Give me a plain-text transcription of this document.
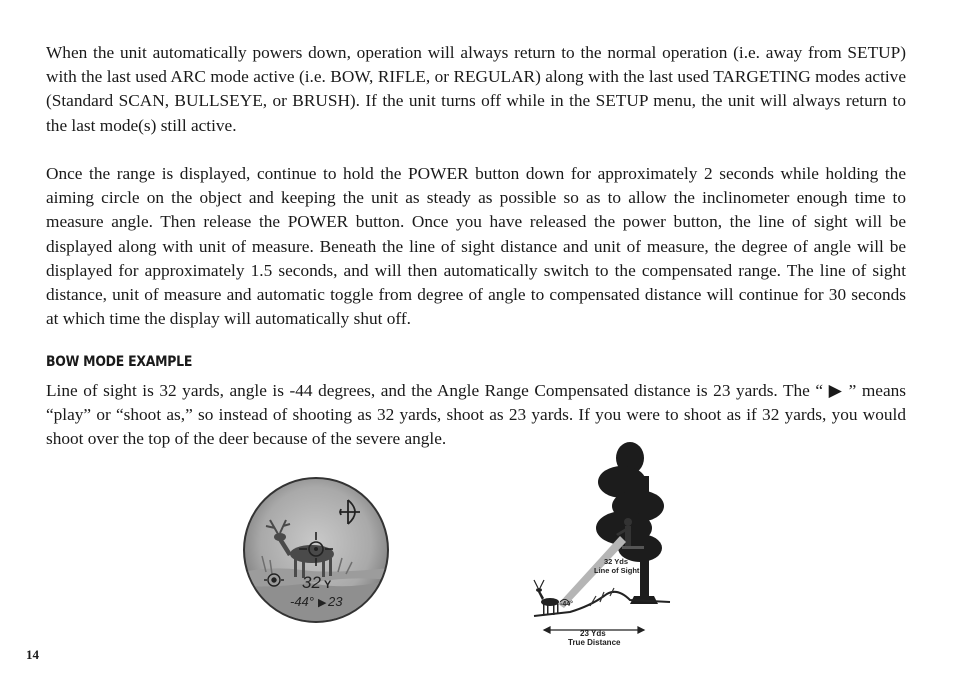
When the unit automatically powers down, operation will always return to the normal operation (i.e. away from SETUP) with the last used ARC mode active (i.e. BOW, RIFLE, or REGULAR) along with the last used TARGETING modes active (Standard SCAN, BULLSEYE, or BRUSH). If the unit turns off while in the SETUP menu, the unit will always return to the last mode(s) still active.

Once the range is displayed, continue to hold the POWER button down for approximately 2 seconds while holding the aiming circle on the object and keeping the unit as steady as possible so as to allow the inclinometer enough time to measure angle. Then release the POWER button. Once you have released the power button, the line of sight will be displayed along with unit of measure. Beneath the line of sight distance and unit of measure, the degree of angle will be displayed for approximately 1.5 seconds, and will then automatically switch to the compensated range. The line of sight distance, unit of measure and automatic toggle from degree of angle to compensated distance will continue for 30 seconds at which time the display will automatically shut off.

BOW MODE EXAMPLE

Line of sight is 32 yards, angle is -44 degrees, and the Angle Range Compensated distance is 23 yards. The “ ▶ ” means “play” or “shoot as,” so instead of shooting as 32 yards, shoot as 23 yards. If you were to shoot as if 32 yards, you would shoot over the top of the deer because of the severe angle.

32 Y
-44° ▶ 23	-44°
32 Yds
Line of Sight
23 Yds
True Distance
14
